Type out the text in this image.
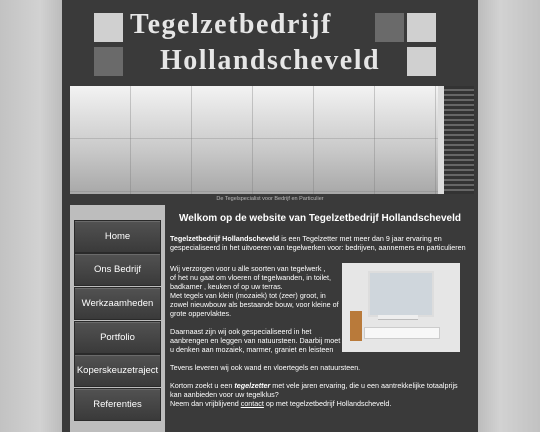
Tegelzetbedrijf
Hollandscheveld
De Tegelspecialist voor Bedrijf en Particulier
Home
Ons Bedrijf
Werkzaamheden
Portfolio
Koperskeuzetraject
Referenties
Welkom op de website van Tegelzetbedrijf Hollandscheveld

Tegelzetbedrijf Hollandscheveld is een Tegelzetter met meer dan 9 jaar ervaring en gespecialiseerd in het uitvoeren van tegelwerken voor: bedrijven, aannemers en particulieren

Wij verzorgen voor u alle soorten van tegelwerk ,
of het nu gaat om vloeren of tegelwanden, in toilet,
badkamer , keuken of op uw terras.
Met tegels van klein (mozaiek) tot (zeer) groot, in
zowel nieuwbouw als bestaande bouw, voor kleine of
grote oppervlaktes.

Daarnaast zijn wij ook gespecialiseerd in het
aanbrengen en leggen van natuursteen. Daarbij moet
u denken aan mozaiek, marmer, graniet en leisteen

Tevens leveren wij ook wand en vloertegels en natuursteen.

Kortom zoekt u een tegelzetter met vele jaren ervaring, die u een aantrekkelijke totaalprijs kan aanbieden voor uw tegelklus?

Neem dan vrijblijvend contact op met tegelzetbedrijf Hollandscheveld.
